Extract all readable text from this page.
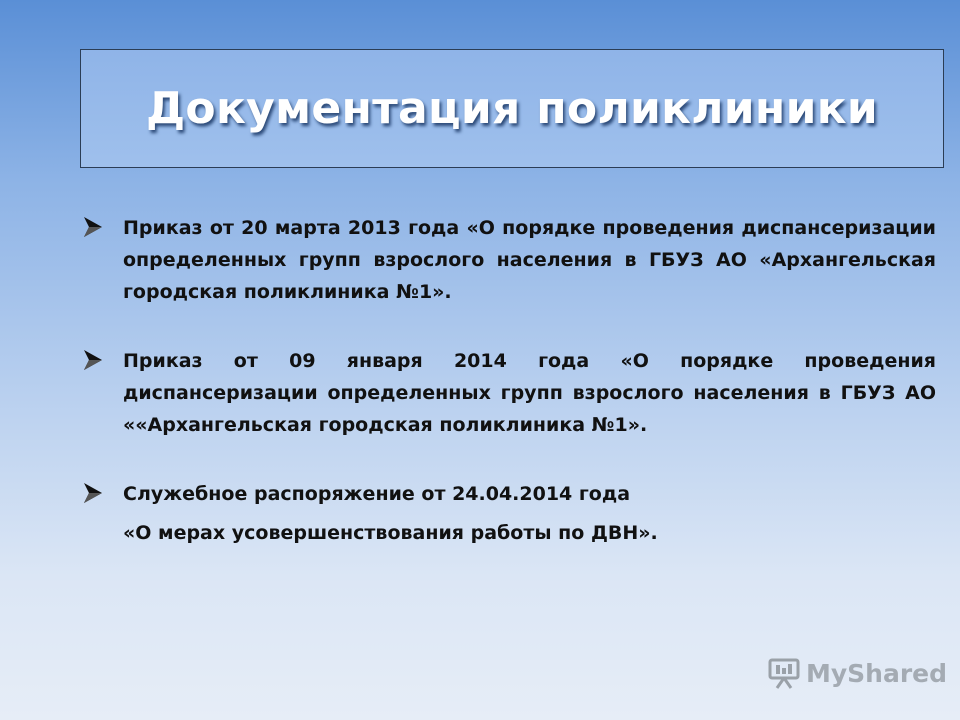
Документация поликлиники
Приказ от 20 марта 2013 года «О порядке проведения диспансеризации определенных групп взрослого населения в ГБУЗ АО «Архангельская городская поликлиника №1».
Приказ от 09 января 2014 года «О порядке проведения диспансеризации определенных групп взрослого населения в ГБУЗ АО ««Архангельская городская поликлиника №1».
Служебное распоряжение от 24.04.2014 года
«О мерах усовершенствования работы по ДВН».
MyShared
